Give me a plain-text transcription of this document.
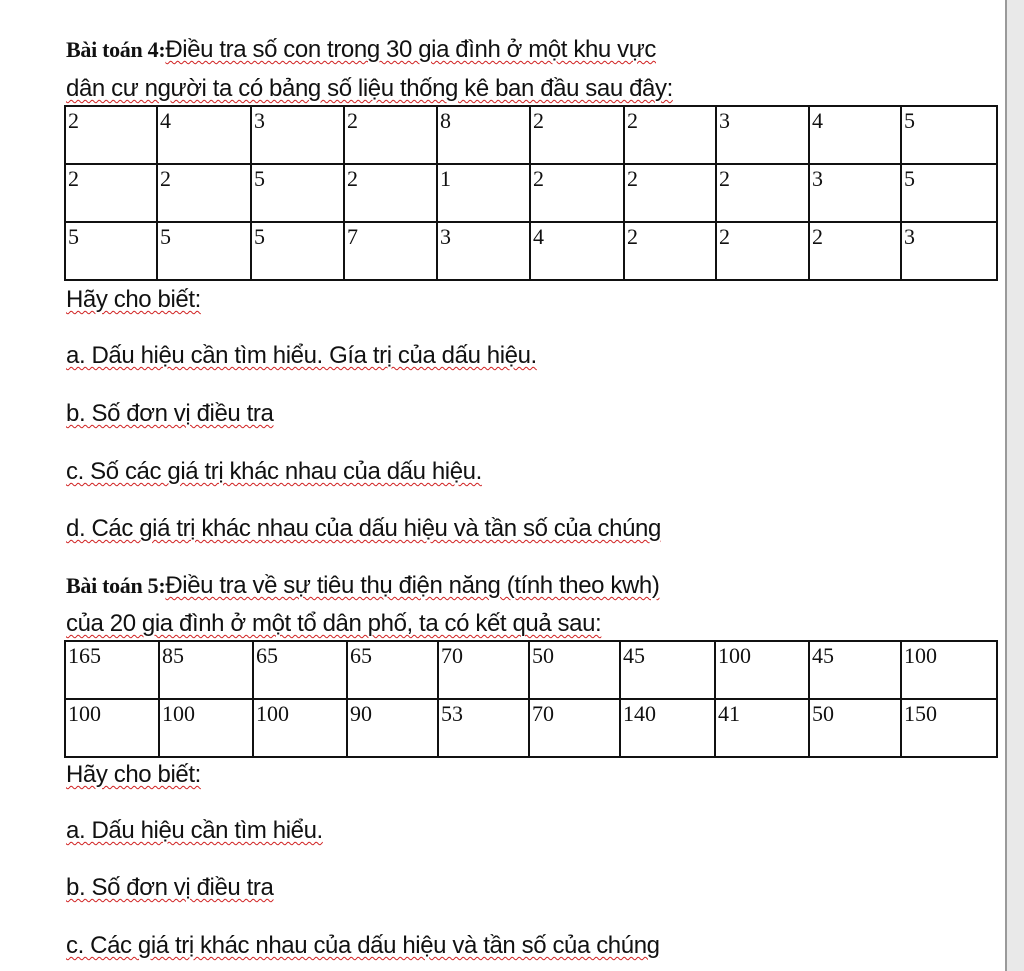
Bài toán 4:Điều tra số con trong 30 gia đình ở một khu vực
dân cư người ta có bảng số liệu thống kê ban đầu sau đây:
2	4	3	2	8	2	2	3	4	5
2	2	5	2	1	2	2	2	3	5
5	5	5	7	3	4	2	2	2	3
Hãy cho biết:
a. Dấu hiệu cần tìm hiểu. Gía trị của dấu hiệu.
b. Số đơn vị điều tra
c. Số các giá trị khác nhau của dấu hiệu.
d. Các giá trị khác nhau của dấu hiệu và tần số của chúng
Bài toán 5:Điều tra về sự tiêu thụ điện năng (tính theo kwh)
của 20 gia đình ở một tổ dân phố, ta có kết quả sau:
165	85	65	65	70	50	45	100	45	100
100	100	100	90	53	70	140	41	50	150
Hãy cho biết:
a. Dấu hiệu cần tìm hiểu.
b. Số đơn vị điều tra
c. Các giá trị khác nhau của dấu hiệu và tần số của chúng
